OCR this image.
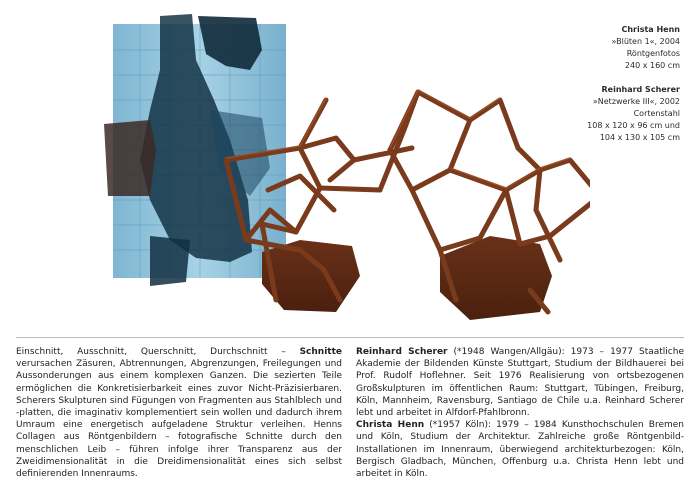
Christa Henn
»Blüten 1«, 2004
Röntgenfotos
240 x 160 cm
Reinhard Scherer
»Netzwerke III«, 2002
Cortenstahl
108 x 120 x 96 cm und
104 x 130 x 105 cm

Einschnitt, Ausschnitt, Querschnitt, Durchschnitt – Schnitte verursachen Zäsuren, Abtrennungen, Abgrenzungen, Freilegungen und Aussonderungen aus einem komplexen Ganzen. Die sezierten Teile ermöglichen die Konkretisierbarkeit eines zuvor Nicht-Präzisierbaren. Scherers Skulpturen sind Fügungen von Fragmenten aus Stahlblech und -platten, die imaginativ komplementiert sein wollen und dadurch ihrem Umraum eine energetisch aufgeladene Struktur verleihen. Henns Collagen aus Röntgenbildern – fotografische Schnitte durch den menschlichen Leib – führen infolge ihrer Transparenz aus der Zweidimensionalität in die Dreidimensionalität eines sich selbst definierenden Innenraums.

Reinhard Scherer (*1948 Wangen/Allgäu): 1973 – 1977 Staatliche Akademie der Bildenden Künste Stuttgart, Studium der Bildhauerei bei Prof. Rudolf Hoflehner. Seit 1976 Realisierung von ortsbezogenen Großskulpturen im öffentlichen Raum: Stuttgart, Tübingen, Freiburg, Köln, Mannheim, Ravensburg, Santiago de Chile u.a. Reinhard Scherer lebt und arbeitet in Alfdorf-Pfahlbronn.

Christa Henn (*1957 Köln): 1979 – 1984 Kunsthochschulen Bremen und Köln, Studium der Architektur. Zahlreiche große Röntgenbild-Installationen im Innenraum, überwiegend architekturbezogen: Köln, Bergisch Gladbach, München, Offenburg u.a. Christa Henn lebt und arbeitet in Köln.
